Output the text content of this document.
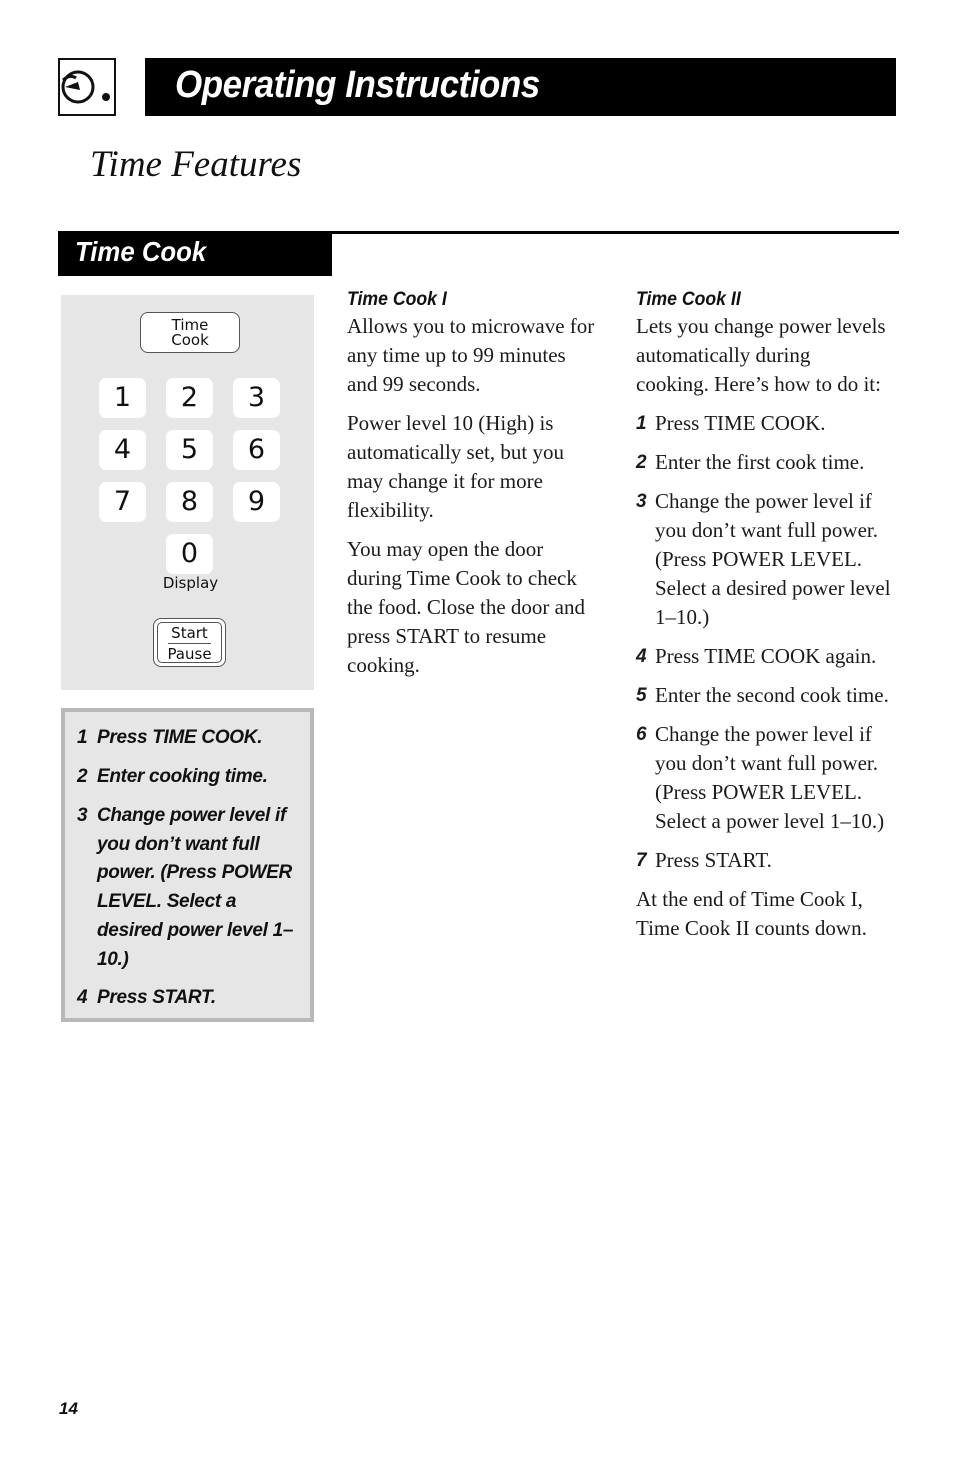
Operating Instructions
Time Features
Time Cook
Time
Cook
1	2	3
4	5	6
7	8	9
0
Display
Start
Pause
1 Press TIME COOK.
2 Enter cooking time.
3 Change power level if you don’t want full power. (Press POWER LEVEL. Select a desired power level 1–10.)
4 Press START.
Time Cook I

Allows you to microwave for any time up to 99 minutes and 99 seconds.

Power level 10 (High) is automatically set, but you may change it for more flexibility.

You may open the door during Time Cook to check the food. Close the door and press START to resume cooking.

Time Cook II

Lets you change power levels automatically during cooking. Here’s how to do it:

1 Press TIME COOK.
2 Enter the first cook time.
3 Change the power level if you don’t want full power. (Press POWER LEVEL. Select a desired power level 1–10.)
4 Press TIME COOK again.
5 Enter the second cook time.
6 Change the power level if you don’t want full power. (Press POWER LEVEL. Select a power level 1–10.)
7 Press START.

At the end of Time Cook I, Time Cook II counts down.

14
